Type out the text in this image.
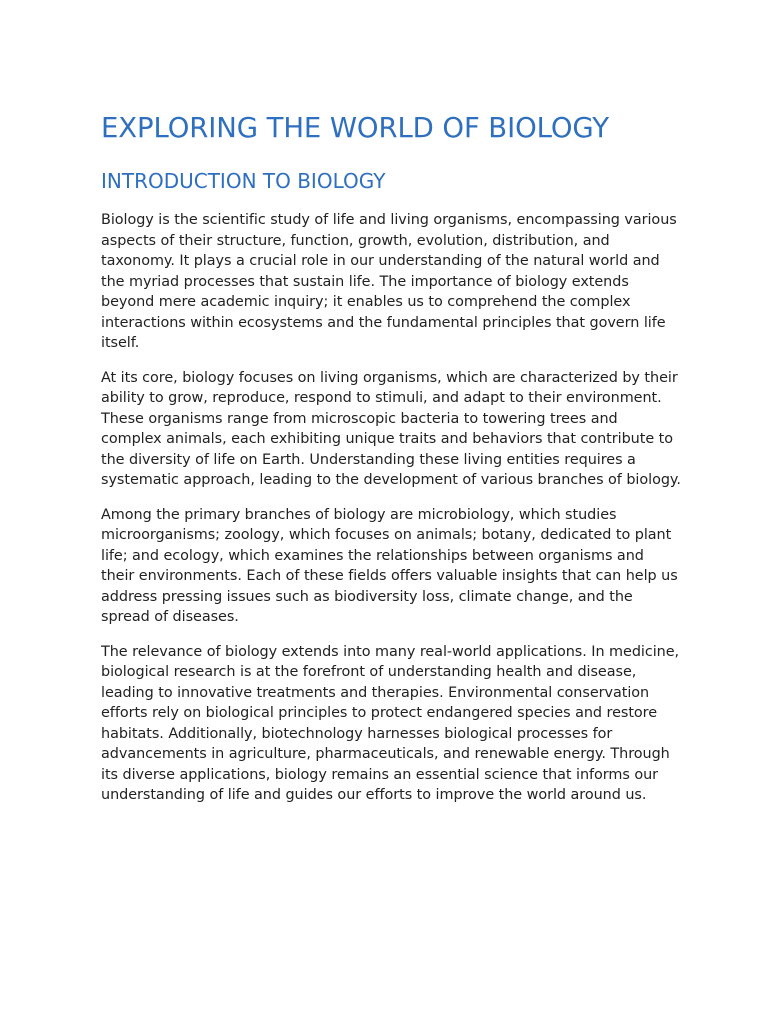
EXPLORING THE WORLD OF BIOLOGY
INTRODUCTION TO BIOLOGY

Biology is the scientific study of life and living organisms, encompassing various aspects of their structure, function, growth, evolution, distribution, and taxonomy. It plays a crucial role in our understanding of the natural world and the myriad processes that sustain life. The importance of biology extends beyond mere academic inquiry; it enables us to comprehend the complex interactions within ecosystems and the fundamental principles that govern life itself.

At its core, biology focuses on living organisms, which are characterized by their ability to grow, reproduce, respond to stimuli, and adapt to their environment. These organisms range from microscopic bacteria to towering trees and complex animals, each exhibiting unique traits and behaviors that contribute to the diversity of life on Earth. Understanding these living entities requires a systematic approach, leading to the development of various branches of biology.

Among the primary branches of biology are microbiology, which studies microorganisms; zoology, which focuses on animals; botany, dedicated to plant life; and ecology, which examines the relationships between organisms and their environments. Each of these fields offers valuable insights that can help us address pressing issues such as biodiversity loss, climate change, and the spread of diseases.

The relevance of biology extends into many real-world applications. In medicine, biological research is at the forefront of understanding health and disease, leading to innovative treatments and therapies. Environmental conservation efforts rely on biological principles to protect endangered species and restore habitats. Additionally, biotechnology harnesses biological processes for advancements in agriculture, pharmaceuticals, and renewable energy. Through its diverse applications, biology remains an essential science that informs our understanding of life and guides our efforts to improve the world around us.
